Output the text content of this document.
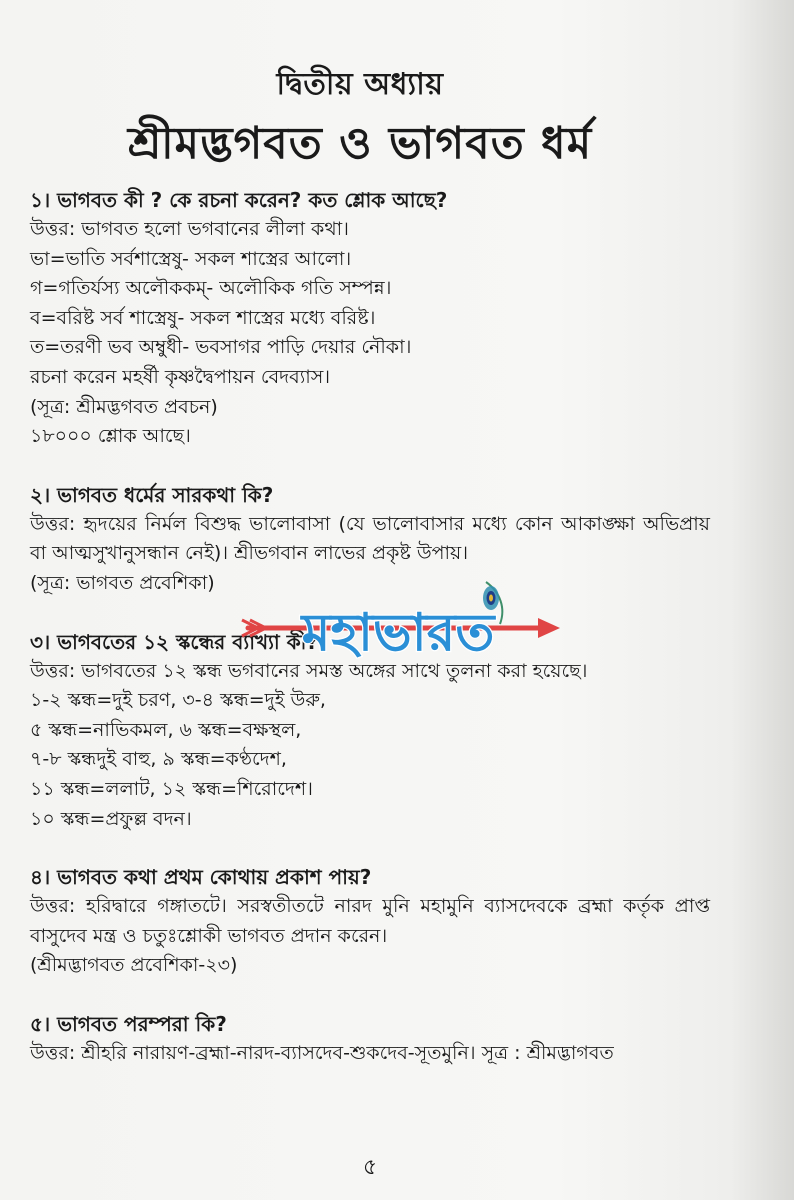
দ্বিতীয় অধ্যায়
শ্রীমদ্ভগবত ও ভাগবত ধর্ম

১। ভাগবত কী ? কে রচনা করেন? কত শ্লোক আছে?

উত্তর: ভাগবত হলো ভগবানের লীলা কথা।

ভা=ভাতি সর্বশাস্ত্রেষু- সকল শাস্ত্রের আলো।

গ=গতির্যস্য অলৌককম্- অলৌকিক গতি সম্পন্ন।

ব=বরিষ্ট সর্ব শাস্ত্রেষু- সকল শাস্ত্রের মধ্যে বরিষ্ট।

ত=তরণী ভব অম্বুধী- ভবসাগর পাড়ি দেয়ার নৌকা।

রচনা করেন মহর্ষী কৃষ্ণদ্বৈপায়ন বেদব্যাস।

(সূত্র: শ্রীমদ্ভগবত প্রবচন)

১৮০০০ শ্লোক আছে।

২। ভাগবত ধর্মের সারকথা কি?

উত্তর: হৃদয়ের নির্মল বিশুদ্ধ ভালোবাসা (যে ভালোবাসার মধ্যে কোন আকাঙ্ক্ষা অভিপ্রায় বা আত্মসুখানুসন্ধান নেই)। শ্রীভগবান লাভের প্রকৃষ্ট উপায়।

(সূত্র: ভাগবত প্রবেশিকা)

৩। ভাগবতের ১২ স্কন্ধের ব্যাখ্যা কী?

উত্তর: ভাগবতের ১২ স্কন্ধ ভগবানের সমস্ত অঙ্গের সাথে তুলনা করা হয়েছে।

১-২ স্কন্ধ=দুই চরণ, ৩-৪ স্কন্ধ=দুই উরু,

৫ স্কন্ধ=নাভিকমল, ৬ স্কন্ধ=বক্ষস্থল,

৭-৮ স্কন্ধদুই বাহু, ৯ স্কন্ধ=কণ্ঠদেশ,

১১ স্কন্ধ=ললাট, ১২ স্কন্ধ=শিরোদেশ।

১০ স্কন্ধ=প্রফুল্ল বদন।

৪। ভাগবত কথা প্রথম কোথায় প্রকাশ পায়?

উত্তর: হরিদ্বারে গঙ্গাতটে। সরস্বতীতটে নারদ মুনি মহামুনি ব্যাসদেবকে ব্রহ্মা কর্তৃক প্রাপ্ত বাসুদেব মন্ত্র ও চতুঃশ্লোকী ভাগবত প্রদান করেন।

(শ্রীমদ্ভাগবত প্রবেশিকা-২৩)

৫। ভাগবত পরম্পরা কি?

উত্তর: শ্রীহরি নারায়ণ-ব্রহ্মা-নারদ-ব্যাসদেব-শুকদেব-সূতমুনি। সূত্র : শ্রীমদ্ভাগবত

মহাভারত
৫
